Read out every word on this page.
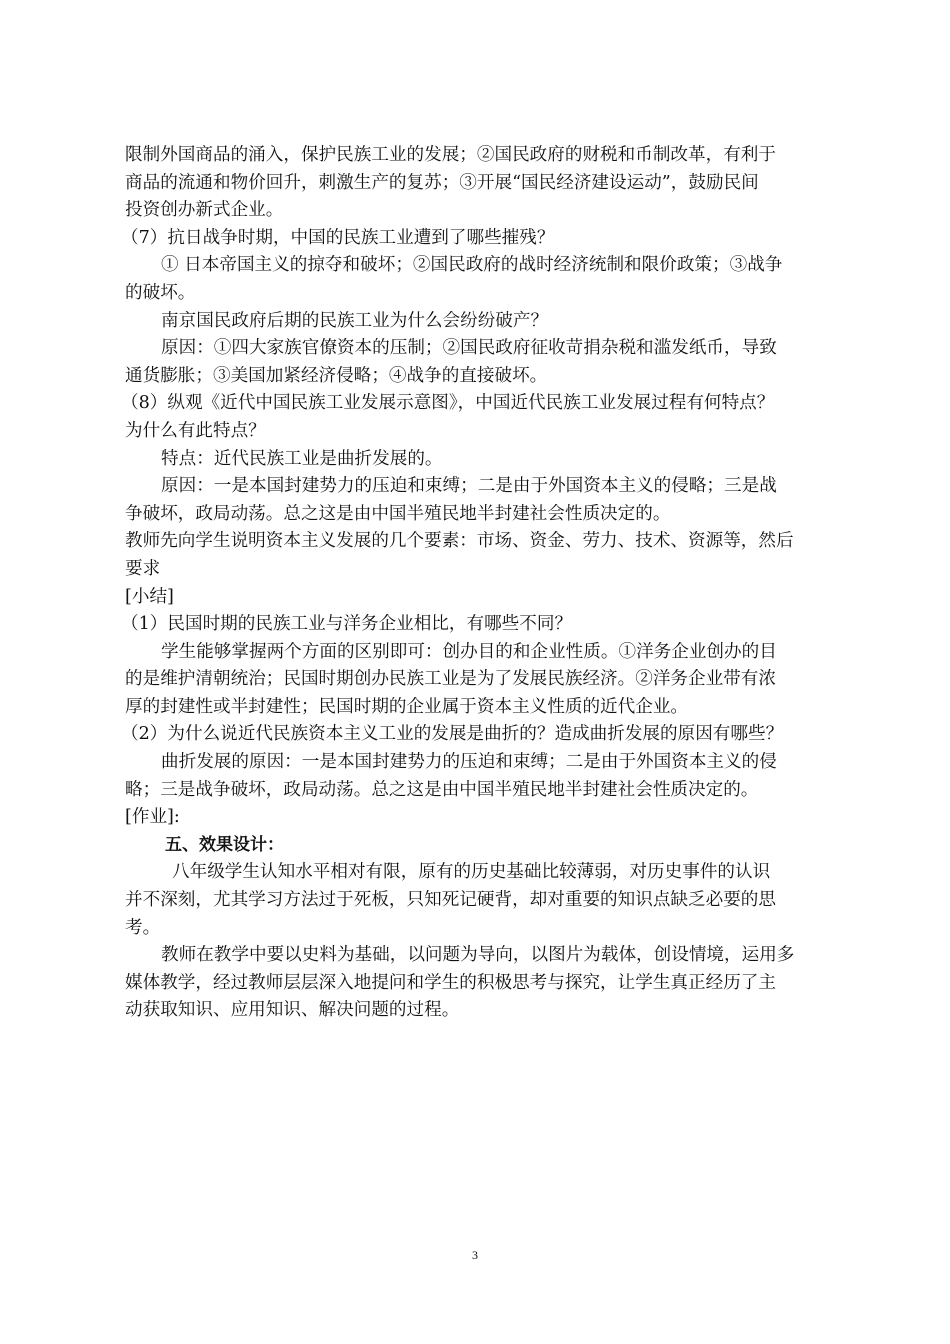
限制外国商品的涌入，保护民族工业的发展；②国民政府的财税和币制改革，有利于
商品的流通和物价回升，刺激生产的复苏；③开展“国民经济建设运动”，鼓励民间
投资创办新式企业。
（7）抗日战争时期，中国的民族工业遭到了哪些摧残？
① 日本帝国主义的掠夺和破坏；②国民政府的战时经济统制和限价政策；③战争
的破坏。
南京国民政府后期的民族工业为什么会纷纷破产？
原因：①四大家族官僚资本的压制；②国民政府征收苛捐杂税和滥发纸币，导致
通货膨胀；③美国加紧经济侵略；④战争的直接破坏。
（8）纵观《近代中国民族工业发展示意图》，中国近代民族工业发展过程有何特点？
为什么有此特点？
特点：近代民族工业是曲折发展的。
原因：一是本国封建势力的压迫和束缚；二是由于外国资本主义的侵略；三是战
争破坏，政局动荡。总之这是由中国半殖民地半封建社会性质决定的。
教师先向学生说明资本主义发展的几个要素：市场、资金、劳力、技术、资源等，然后
要求
[小结]
（1）民国时期的民族工业与洋务企业相比，有哪些不同？
学生能够掌握两个方面的区别即可：创办目的和企业性质。①洋务企业创办的目
的是维护清朝统治；民国时期创办民族工业是为了发展民族经济。②洋务企业带有浓
厚的封建性或半封建性；民国时期的企业属于资本主义性质的近代企业。
（2）为什么说近代民族资本主义工业的发展是曲折的？造成曲折发展的原因有哪些？
曲折发展的原因：一是本国封建势力的压迫和束缚；二是由于外国资本主义的侵
略；三是战争破坏，政局动荡。总之这是由中国半殖民地半封建社会性质决定的。
[作业]:
五、效果设计：
八年级学生认知水平相对有限，原有的历史基础比较薄弱，对历史事件的认识
并不深刻，尤其学习方法过于死板，只知死记硬背，却对重要的知识点缺乏必要的思
考。
教师在教学中要以史料为基础，以问题为导向，以图片为载体，创设情境，运用多
媒体教学，经过教师层层深入地提问和学生的积极思考与探究，让学生真正经历了主
动获取知识、应用知识、解决问题的过程。
3
